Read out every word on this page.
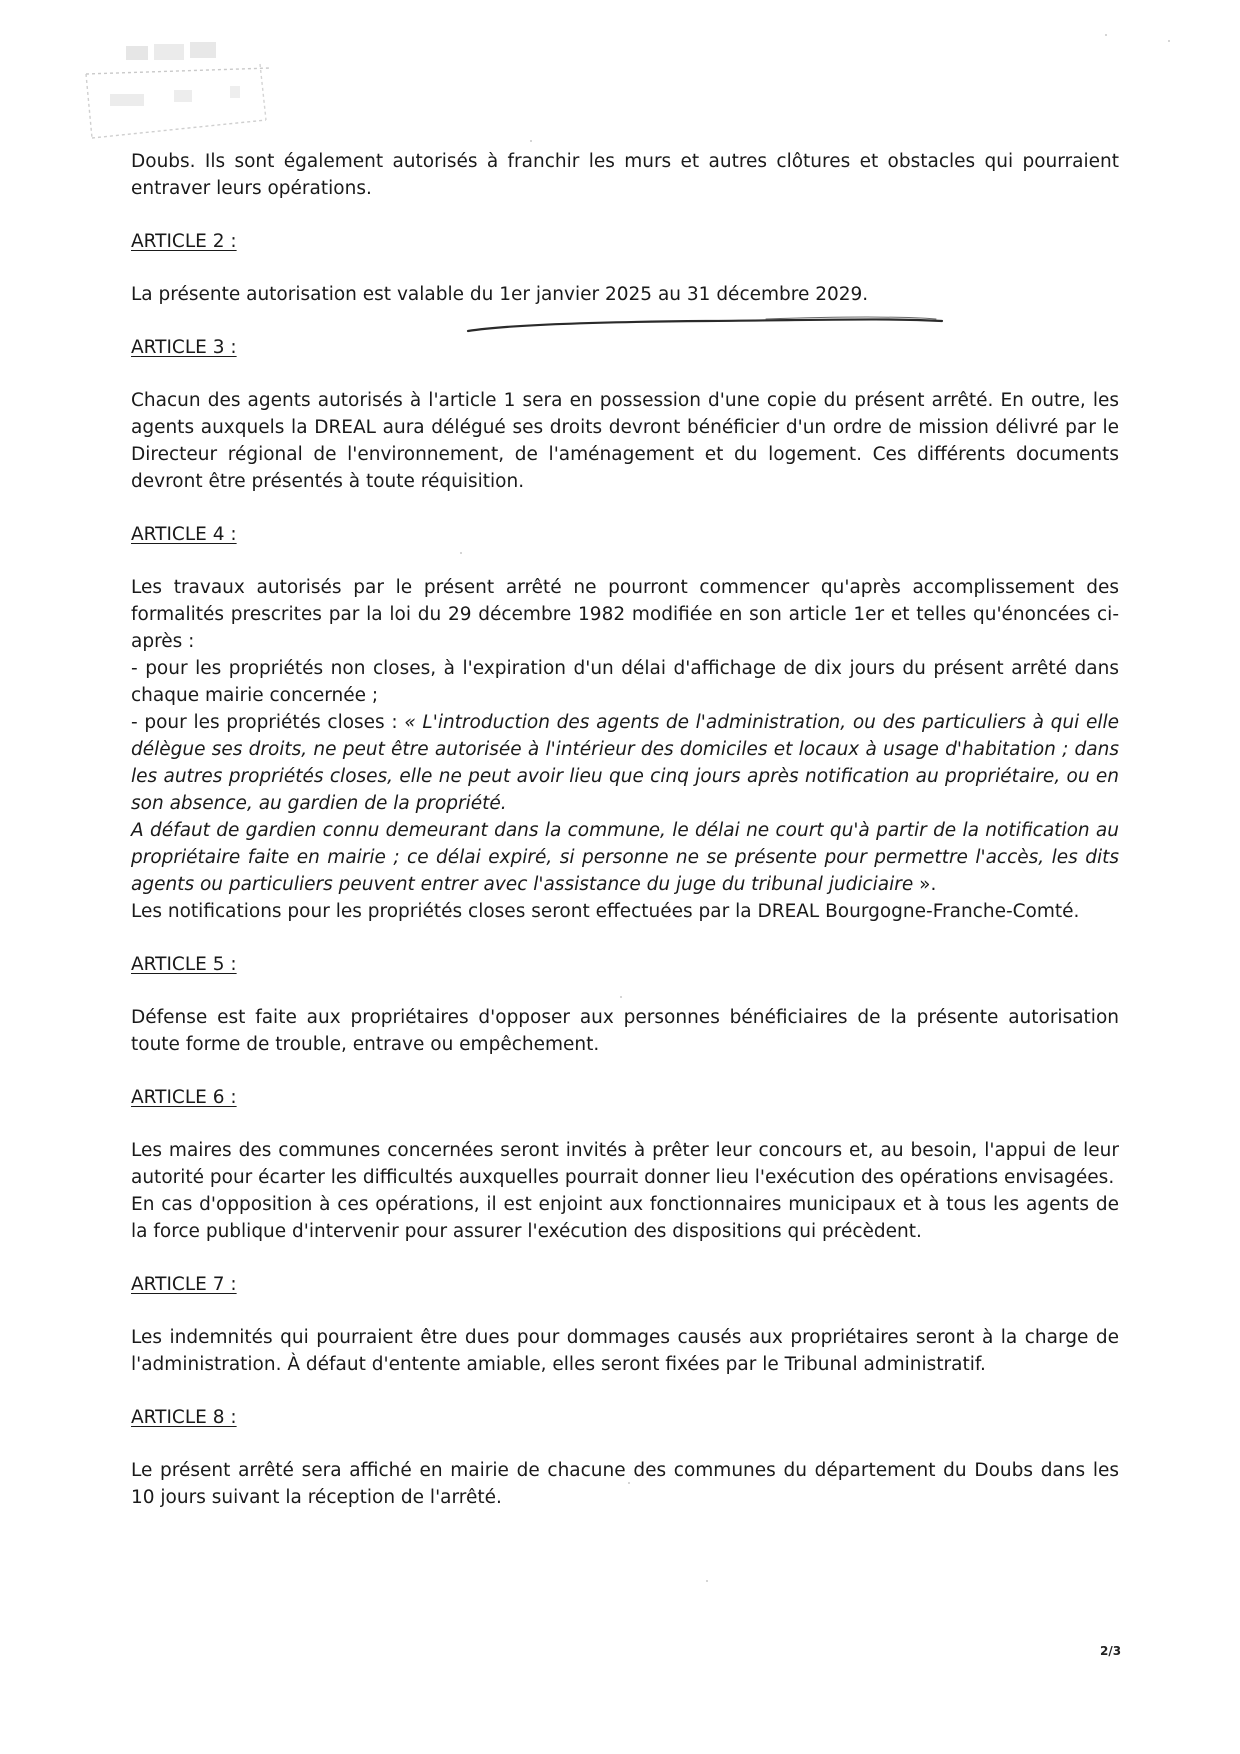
Doubs. Ils sont également autorisés à franchir les murs et autres clôtures et obstacles qui pourraient entraver leurs opérations.

ARTICLE 2 :

La présente autorisation est valable du 1er janvier 2025 au 31 décembre 2029.

ARTICLE 3 :

Chacun des agents autorisés à l'article 1 sera en possession d'une copie du présent arrêté. En outre, les agents auxquels la DREAL aura délégué ses droits devront bénéficier d'un ordre de mission délivré par le Directeur régional de l'environnement, de l'aménagement et du logement. Ces différents documents devront être présentés à toute réquisition.

ARTICLE 4 :

Les travaux autorisés par le présent arrêté ne pourront commencer qu'après accomplissement des formalités prescrites par la loi du 29 décembre 1982 modifiée en son article 1er et telles qu'énoncées ci-après :

- pour les propriétés non closes, à l'expiration d'un délai d'affichage de dix jours du présent arrêté dans chaque mairie concernée ;

- pour les propriétés closes : « L'introduction des agents de l'administration, ou des particuliers à qui elle délègue ses droits, ne peut être autorisée à l'intérieur des domiciles et locaux à usage d'habitation ; dans les autres propriétés closes, elle ne peut avoir lieu que cinq jours après notification au propriétaire, ou en son absence, au gardien de la propriété.

A défaut de gardien connu demeurant dans la commune, le délai ne court qu'à partir de la notification au propriétaire faite en mairie ; ce délai expiré, si personne ne se présente pour permettre l'accès, les dits agents ou particuliers peuvent entrer avec l'assistance du juge du tribunal judiciaire ».

Les notifications pour les propriétés closes seront effectuées par la DREAL Bourgogne-Franche-Comté.

ARTICLE 5 :

Défense est faite aux propriétaires d'opposer aux personnes bénéficiaires de la présente autorisation toute forme de trouble, entrave ou empêchement.

ARTICLE 6 :

Les maires des communes concernées seront invités à prêter leur concours et, au besoin, l'appui de leur autorité pour écarter les difficultés auxquelles pourrait donner lieu l'exécution des opérations envisagées.

En cas d'opposition à ces opérations, il est enjoint aux fonctionnaires municipaux et à tous les agents de la force publique d'intervenir pour assurer l'exécution des dispositions qui précèdent.

ARTICLE 7 :

Les indemnités qui pourraient être dues pour dommages causés aux propriétaires seront à la charge de l'administration. À défaut d'entente amiable, elles seront fixées par le Tribunal administratif.

ARTICLE 8 :

Le présent arrêté sera affiché en mairie de chacune des communes du département du Doubs dans les 10 jours suivant la réception de l'arrêté.

2/3
